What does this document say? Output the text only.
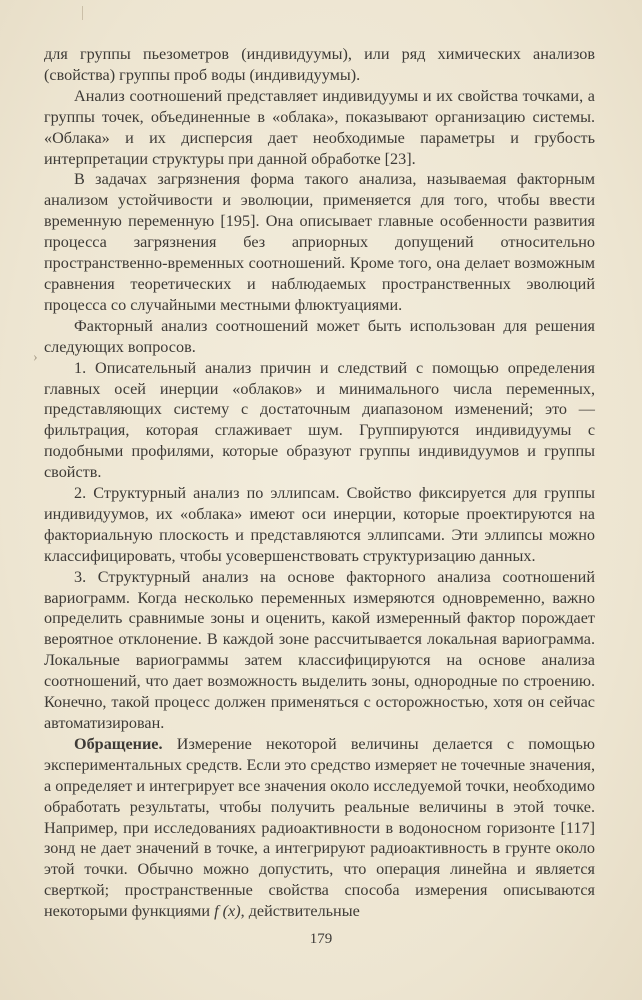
›

для группы пьезометров (индивидуумы), или ряд химических анализов (свойства) группы проб воды (индивидуумы).

Анализ соотношений представляет индивидуумы и их свойства точками, а группы точек, объединенные в «облака», показывают организацию системы. «Облака» и их дисперсия дает необходимые параметры и грубость интерпретации структуры при данной обработке [23].

В задачах загрязнения форма такого анализа, называемая факторным анализом устойчивости и эволюции, применяется для того, чтобы ввести временную переменную [195]. Она описывает главные особенности развития процесса загрязнения без априорных допущений относительно пространственно-временных соотношений. Кроме того, она делает возможным сравнения теоретических и наблюдаемых пространственных эволюций процесса со случайными местными флюктуациями.

Факторный анализ соотношений может быть использован для решения следующих вопросов.

1. Описательный анализ причин и следствий с помощью определения главных осей инерции «облаков» и минимального числа переменных, представляющих систему с достаточным диапазоном изменений; это — фильтрация, которая сглаживает шум. Группируются индивидуумы с подобными профилями, которые образуют группы индивидуумов и группы свойств.

2. Структурный анализ по эллипсам. Свойство фиксируется для группы индивидуумов, их «облака» имеют оси инерции, которые проектируются на факториальную плоскость и представляются эллипсами. Эти эллипсы можно классифицировать, чтобы усовершенствовать структуризацию данных.

3. Структурный анализ на основе факторного анализа соотношений вариограмм. Когда несколько переменных измеряются одновременно, важно определить сравнимые зоны и оценить, какой измеренный фактор порождает вероятное отклонение. В каждой зоне рассчитывается локальная вариограмма. Локальные вариограммы затем классифицируются на основе анализа соотношений, что дает возможность выделить зоны, однородные по строению. Конечно, такой процесс должен применяться с осторожностью, хотя он сейчас автоматизирован.

Обращение. Измерение некоторой величины делается с помощью экспериментальных средств. Если это средство измеряет не точечные значения, а определяет и интегрирует все значения около исследуемой точки, необходимо обработать результаты, чтобы получить реальные величины в этой точке. Например, при исследованиях радиоактивности в водоносном горизонте [117] зонд не дает значений в точке, а интегрируют радиоактивность в грунте около этой точки. Обычно можно допустить, что операция линейна и является сверткой; пространственные свойства способа измерения описываются некоторыми функциями f (x), действительные

179
